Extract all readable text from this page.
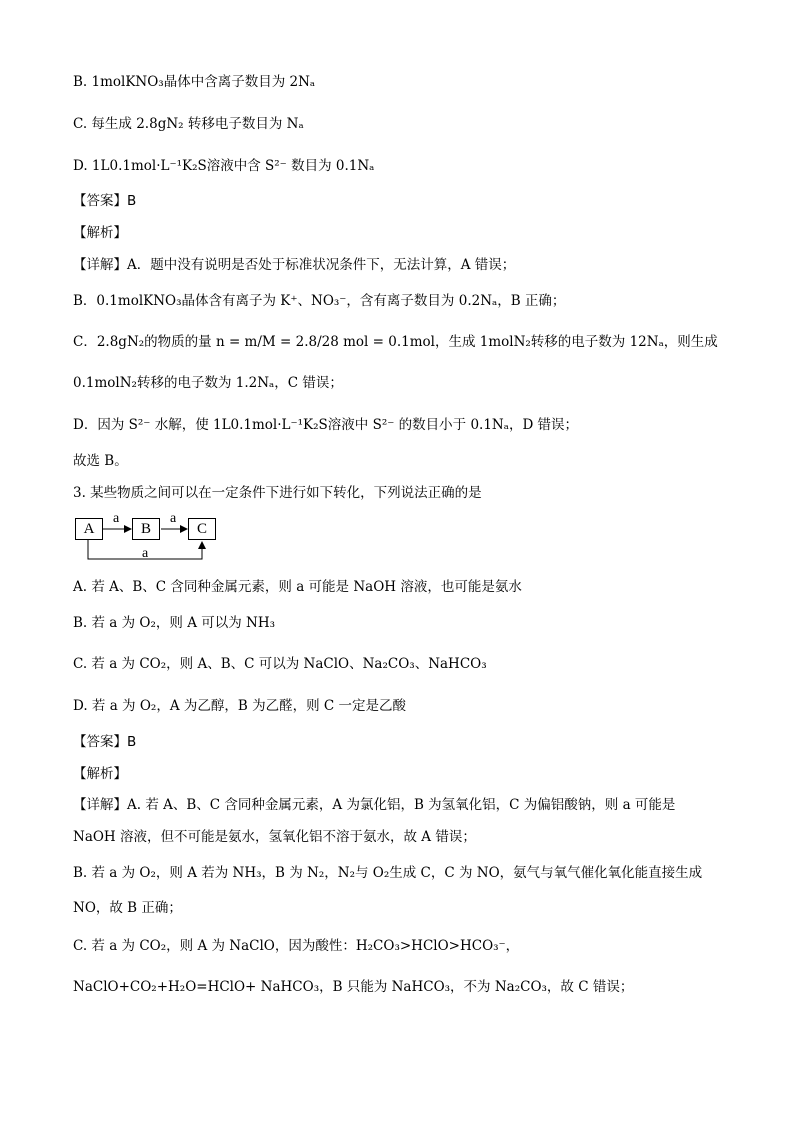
B. 1molKNO₃晶体中含离子数目为 2Nₐ
C. 每生成 2.8gN₂ 转移电子数目为 Nₐ
D. 1L0.1mol·L⁻¹K₂S溶液中含 S²⁻ 数目为 0.1Nₐ
【答案】B
【解析】
【详解】A．题中没有说明是否处于标准状况条件下，无法计算，A 错误；
B．0.1molKNO₃晶体含有离子为 K⁺、NO₃⁻，含有离子数目为 0.2Nₐ，B 正确；
C．2.8gN₂的物质的量 n = m/M = 2.8/28 mol = 0.1mol，生成 1molN₂转移的电子数为 12Nₐ，则生成
0.1molN₂转移的电子数为 1.2Nₐ，C 错误；
D．因为 S²⁻ 水解，使 1L0.1mol·L⁻¹K₂S溶液中 S²⁻ 的数目小于 0.1Nₐ，D 错误；
故选 B。
3. 某些物质之间可以在一定条件下进行如下转化，下列说法正确的是
A	B	C
a	a
a
A. 若 A、B、C 含同种金属元素，则 a 可能是 NaOH 溶液，也可能是氨水
B. 若 a 为 O₂，则 A 可以为 NH₃
C. 若 a 为 CO₂，则 A、B、C 可以为 NaClO、Na₂CO₃、NaHCO₃
D. 若 a 为 O₂，A 为乙醇，B 为乙醛，则 C 一定是乙酸
【答案】B
【解析】
【详解】A. 若 A、B、C 含同种金属元素，A 为氯化铝，B 为氢氧化铝，C 为偏铝酸钠，则 a 可能是
NaOH 溶液，但不可能是氨水，氢氧化铝不溶于氨水，故 A 错误；
B. 若 a 为 O₂，则 A 若为 NH₃，B 为 N₂，N₂与 O₂生成 C，C 为 NO，氨气与氧气催化氧化能直接生成
NO，故 B 正确；
C. 若 a 为 CO₂，则 A 为 NaClO，因为酸性：H₂CO₃>HClO>HCO₃⁻，
NaClO+CO₂+H₂O=HClO+ NaHCO₃，B 只能为 NaHCO₃，不为 Na₂CO₃，故 C 错误；
